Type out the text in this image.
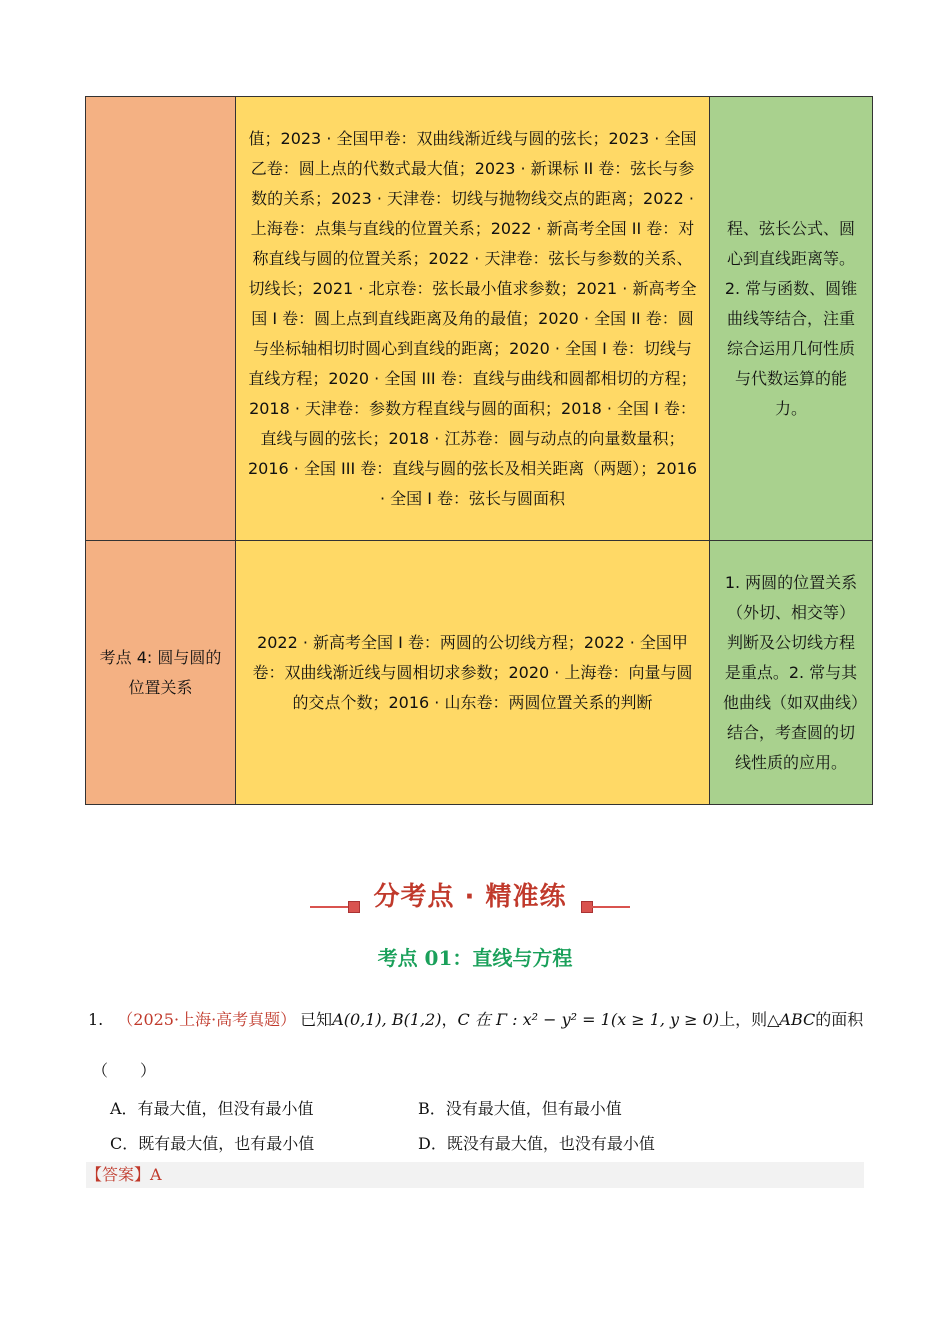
	值；2023 · 全国甲卷：双曲线渐近线与圆的弦长；2023 · 全国乙卷：圆上点的代数式最大值；2023 · 新课标 II 卷：弦长与参数的关系；2023 · 天津卷：切线与抛物线交点的距离；2022 · 上海卷：点集与直线的位置关系；2022 · 新高考全国 II 卷：对称直线与圆的位置关系；2022 · 天津卷：弦长与参数的关系、切线长；2021 · 北京卷：弦长最小值求参数；2021 · 新高考全国 I 卷：圆上点到直线距离及角的最值；2020 · 全国 II 卷：圆与坐标轴相切时圆心到直线的距离；2020 · 全国 I 卷：切线与直线方程；2020 · 全国 III 卷：直线与曲线和圆都相切的方程；2018 · 天津卷：参数方程直线与圆的面积；2018 · 全国 I 卷：直线与圆的弦长；2018 · 江苏卷：圆与动点的向量数量积；2016 · 全国 III 卷：直线与圆的弦长及相关距离（两题）；2016 · 全国 I 卷：弦长与圆面积	程、弦长公式、圆心到直线距离等。2. 常与函数、圆锥曲线等结合，注重综合运用几何性质与代数运算的能力。
考点 4: 圆与圆的位置关系	2022 · 新高考全国 I 卷：两圆的公切线方程；2022 · 全国甲卷：双曲线渐近线与圆相切求参数；2020 · 上海卷：向量与圆的交点个数；2016 · 山东卷：两圆位置关系的判断	1. 两圆的位置关系（外切、相交等）判断及公切线方程是重点。2. 常与其他曲线（如双曲线）结合，考查圆的切线性质的应用。
分考点 · 精准练
考点 01：直线与方程
1. （2025·上海·高考真题） 已知A(0,1), B(1,2)，C 在 Γ : x² − y² = 1(x ≥ 1, y ≥ 0)上，则△ABC的面积
（　　）
A．有最大值，但没有最小值	B．没有最大值，但有最小值
C．既有最大值，也有最小值	D．既没有最大值，也没有最小值
【答案】A
